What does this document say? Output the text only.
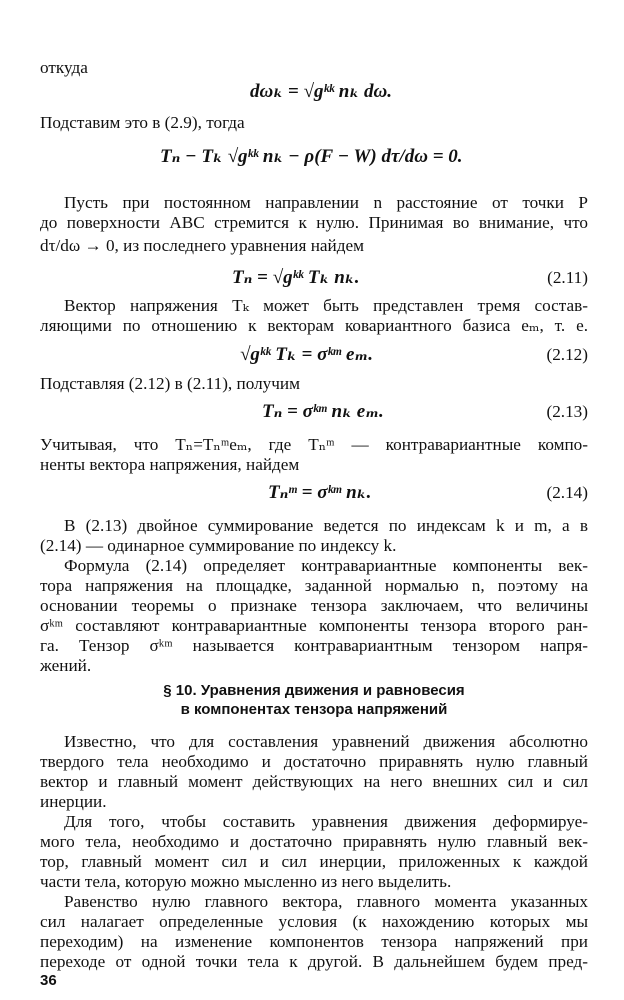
откуда
dωₖ = √gᵏᵏ nₖ dω.
Подставим это в (2.9), тогда
Tₙ − Tₖ √gᵏᵏ nₖ − ρ(F − W) dτ/dω = 0.
Пусть при постоянном направлении n расстояние от точки P
до поверхности ABC стремится к нулю. Принимая во внимание, что
dτ/dω → 0, из последнего уравнения найдем
Tₙ = √gᵏᵏ Tₖ nₖ.	(2.11)
Вектор напряжения Tₖ может быть представлен тремя состав-
ляющими по отношению к векторам ковариантного базиса eₘ, т. е.
√gᵏᵏ Tₖ = σᵏᵐ eₘ.	(2.12)
Подставляя (2.12) в (2.11), получим
Tₙ = σᵏᵐ nₖ eₘ.	(2.13)
Учитывая, что Tₙ=Tₙᵐeₘ, где Tₙᵐ — контравариантные компо-
ненты вектора напряжения, найдем
Tₙᵐ = σᵏᵐ nₖ.	(2.14)
В (2.13) двойное суммирование ведется по индексам k и m, а в
(2.14) — одинарное суммирование по индексу k.
Формула (2.14) определяет контравариантные компоненты век-
тора напряжения на площадке, заданной нормалью n, поэтому на
основании теоремы о признаке тензора заключаем, что величины
σᵏᵐ составляют контравариантные компоненты тензора второго ран-
га. Тензор σᵏᵐ называется контравариантным тензором напря-
жений.
§ 10. Уравнения движения и равновесия
в компонентах тензора напряжений
Известно, что для составления уравнений движения абсолютно
твердого тела необходимо и достаточно приравнять нулю главный
вектор и главный момент действующих на него внешних сил и сил
инерции.
Для того, чтобы составить уравнения движения деформируе-
мого тела, необходимо и достаточно приравнять нулю главный век-
тор, главный момент сил и сил инерции, приложенных к каждой
части тела, которую можно мысленно из него выделить.
Равенство нулю главного вектора, главного момента указанных
сил налагает определенные условия (к нахождению которых мы
переходим) на изменение компонентов тензора напряжений при
переходе от одной точки тела к другой. В дальнейшем будем пред-
36
